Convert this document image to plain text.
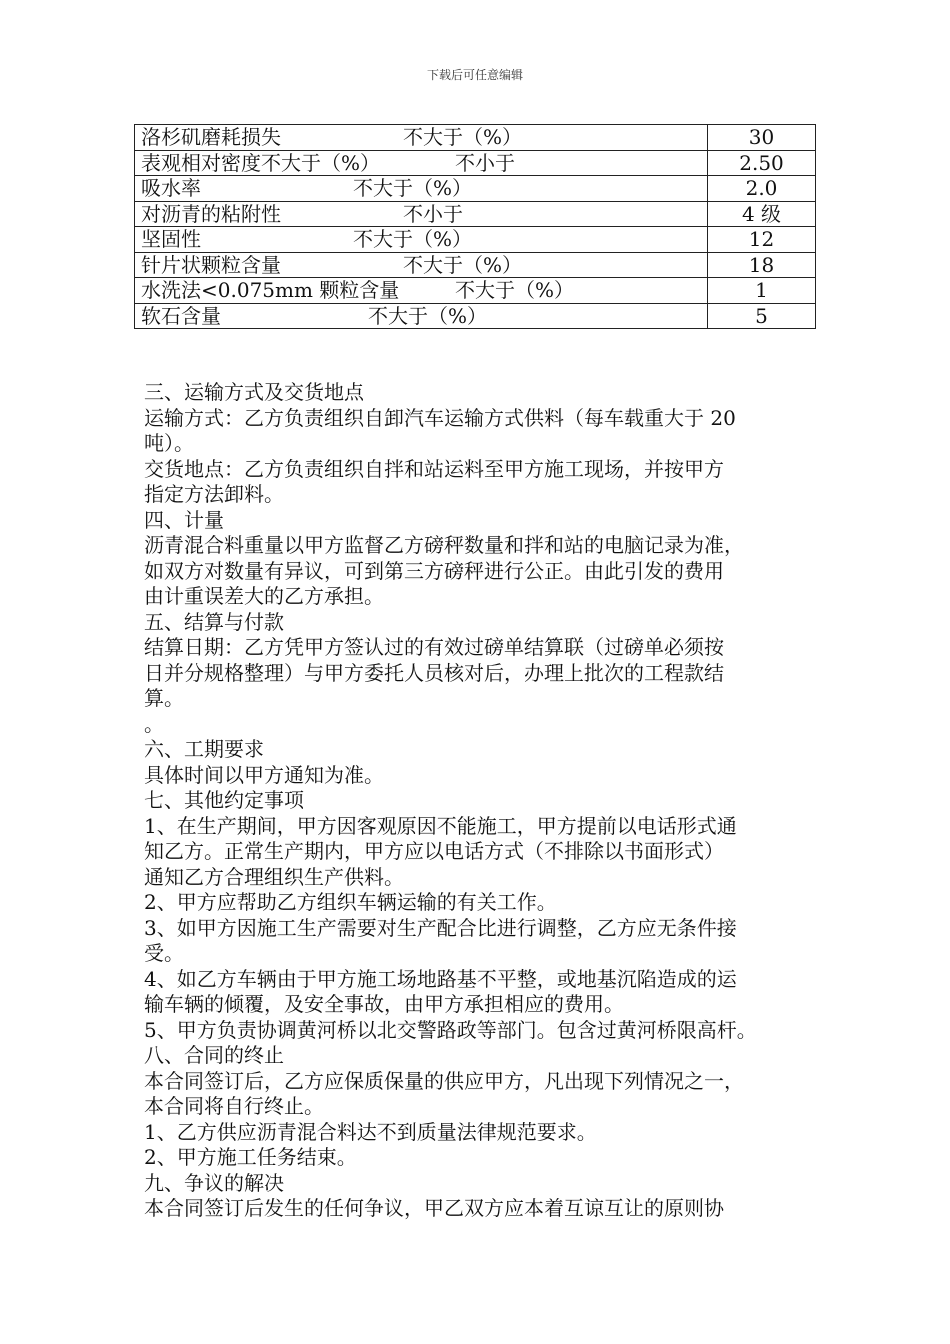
下载后可任意编辑
洛杉矶磨耗损失 不大于（%）	30
表观相对密度不大于（%） 不小于	2.50
吸水率 不大于（%）	2.0
对沥青的粘附性 不小于	4 级
坚固性 不大于（%）	12
针片状颗粒含量 不大于（%）	18
水洗法<0.075mm 颗粒含量 不大于（%）	1
软石含量 不大于（%）	5

三、运输方式及交货地点

运输方式：乙方负责组织自卸汽车运输方式供料（每车载重大于 20

吨）。

交货地点：乙方负责组织自拌和站运料至甲方施工现场，并按甲方

指定方法卸料。

四、计量

沥青混合料重量以甲方监督乙方磅秤数量和拌和站的电脑记录为准，

如双方对数量有异议，可到第三方磅秤进行公正。由此引发的费用

由计重误差大的乙方承担。

五、结算与付款

结算日期：乙方凭甲方签认过的有效过磅单结算联（过磅单必须按

日并分规格整理）与甲方委托人员核对后，办理上批次的工程款结

算。

。

六、工期要求

具体时间以甲方通知为准。

七、其他约定事项

1、在生产期间，甲方因客观原因不能施工，甲方提前以电话形式通

知乙方。正常生产期内，甲方应以电话方式（不排除以书面形式）

通知乙方合理组织生产供料。

2、甲方应帮助乙方组织车辆运输的有关工作。

3、如甲方因施工生产需要对生产配合比进行调整，乙方应无条件接

受。

4、如乙方车辆由于甲方施工场地路基不平整，或地基沉陷造成的运

输车辆的倾覆，及安全事故，由甲方承担相应的费用。

5、甲方负责协调黄河桥以北交警路政等部门。包含过黄河桥限高杆。

八、合同的终止

本合同签订后，乙方应保质保量的供应甲方，凡出现下列情况之一，

本合同将自行终止。

1、乙方供应沥青混合料达不到质量法律规范要求。

2、甲方施工任务结束。

九、争议的解决

本合同签订后发生的任何争议，甲乙双方应本着互谅互让的原则协
